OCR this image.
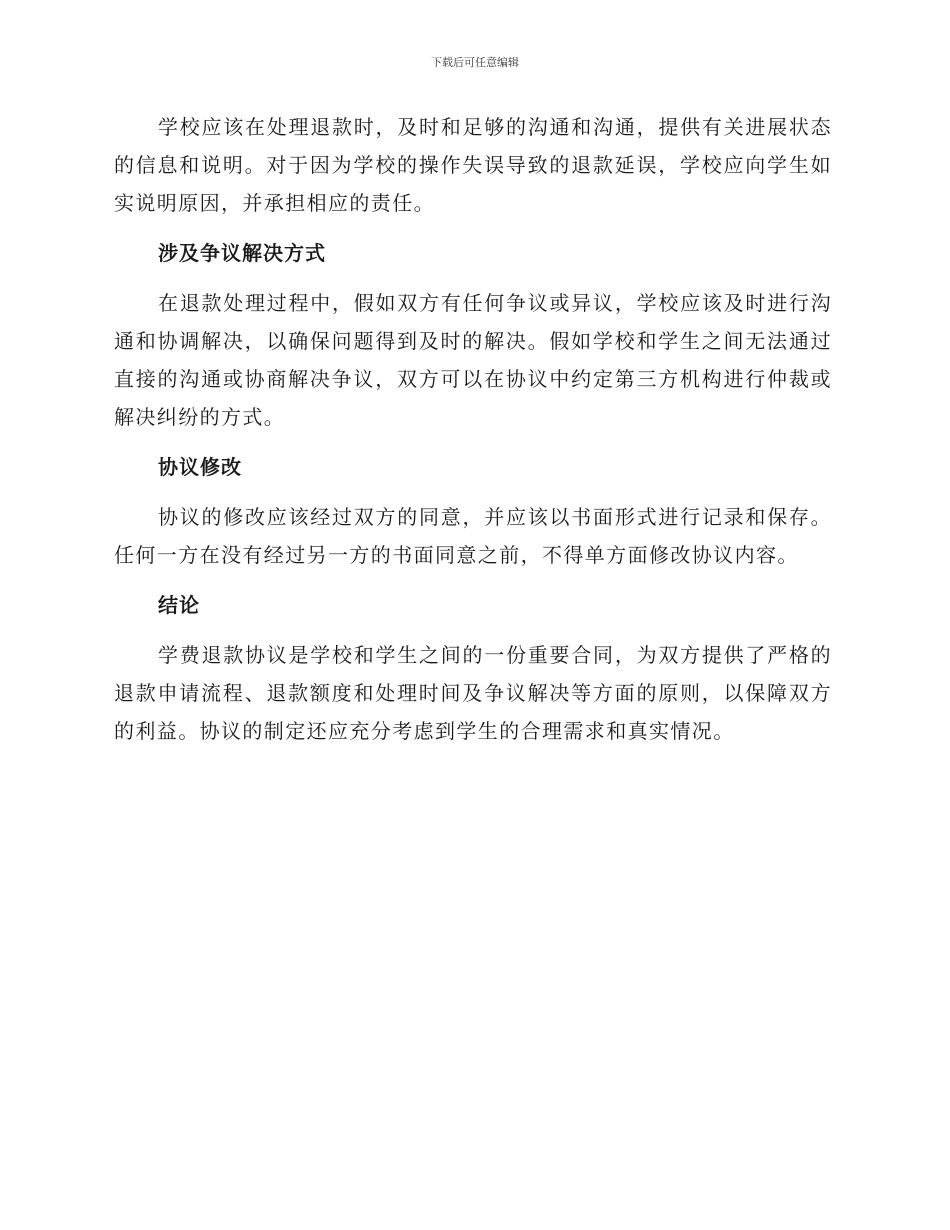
下载后可任意编辑

学校应该在处理退款时，及时和足够的沟通和沟通，提供有关进展状态的信息和说明。对于因为学校的操作失误导致的退款延误，学校应向学生如实说明原因，并承担相应的责任。

涉及争议解决方式

在退款处理过程中，假如双方有任何争议或异议，学校应该及时进行沟通和协调解决，以确保问题得到及时的解决。假如学校和学生之间无法通过直接的沟通或协商解决争议，双方可以在协议中约定第三方机构进行仲裁或解决纠纷的方式。

协议修改

协议的修改应该经过双方的同意，并应该以书面形式进行记录和保存。任何一方在没有经过另一方的书面同意之前，不得单方面修改协议内容。

结论

学费退款协议是学校和学生之间的一份重要合同，为双方提供了严格的退款申请流程、退款额度和处理时间及争议解决等方面的原则，以保障双方的利益。协议的制定还应充分考虑到学生的合理需求和真实情况。
